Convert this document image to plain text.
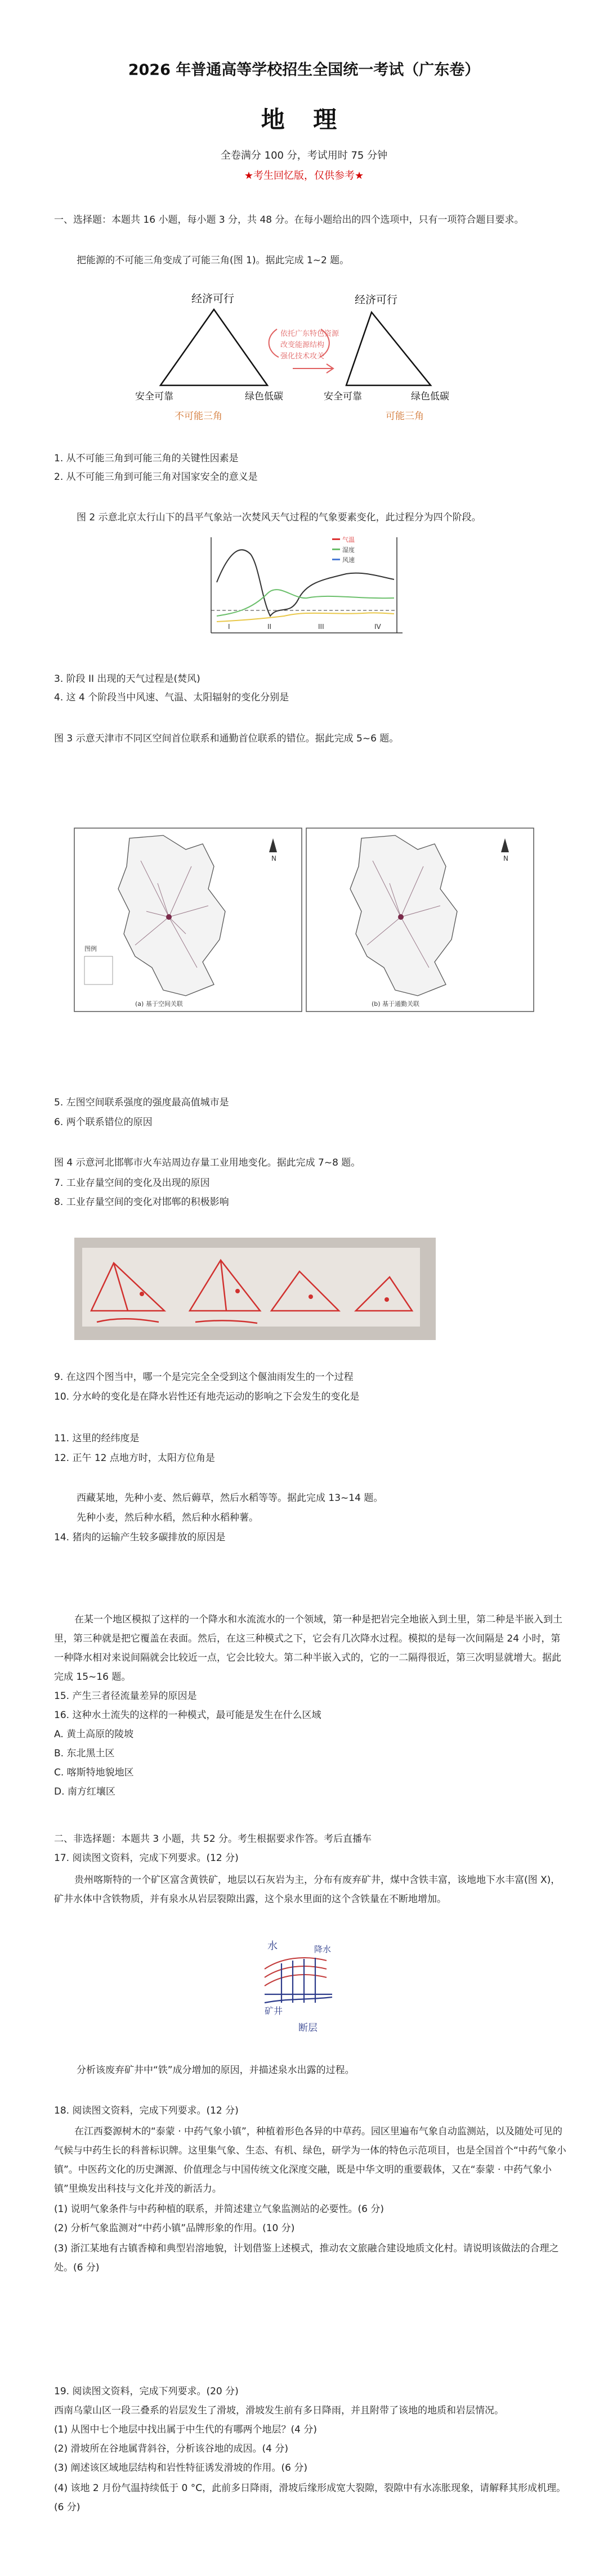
2026 年普通高等学校招生全国统一考试（广东卷）
地 理
全卷满分 100 分，考试用时 75 分钟
★考生回忆版，仅供参考★
一、选择题：本题共 16 小题，每小题 3 分，共 48 分。在每小题给出的四个选项中，只有一项符合题目要求。
把能源的不可能三角变成了可能三角(图 1)。据此完成 1~2 题。
经济可行
安全可靠	绿色低碳
不可能三角
依托广东特色资源
改变能源结构
强化技术攻关
经济可行
安全可靠	绿色低碳
可能三角
1. 从不可能三角到可能三角的关键性因素是
2. 从不可能三角到可能三角对国家安全的意义是
图 2 示意北京太行山下的昌平气象站一次焚风天气过程的气象要素变化，此过程分为四个阶段。
气温
湿度
风速
I	II	III	IV
3. 阶段 II 出现的天气过程是(焚风)
4. 这 4 个阶段当中风速、气温、太阳辐射的变化分别是
图 3 示意天津市不同区空间首位联系和通勤首位联系的错位。据此完成 5~6 题。
N	N
图例
(a) 基于空间关联	(b) 基于通勤关联
5. 左图空间联系强度的强度最高值城市是
6. 两个联系错位的原因
图 4 示意河北邯郸市火车站周边存量工业用地变化。据此完成 7~8 题。
7. 工业存量空间的变化及出现的原因
8. 工业存量空间的变化对邯郸的积极影响
9. 在这四个图当中，哪一个是完完全全受到这个偃油雨发生的一个过程
10. 分水岭的变化是在降水岩性还有地壳运动的影响之下会发生的变化是
11. 这里的经纬度是
12. 正午 12 点地方时，太阳方位角是
西藏某地，先种小麦、然后薅草，然后水稻等等。据此完成 13~14 题。
先种小麦，然后种水稻，然后种水稻种薯。
14. 猪肉的运输产生较多碳排放的原因是
在某一个地区模拟了这样的一个降水和水流流水的一个领域，第一种是把岩完全地嵌入到土里，第二种是半嵌入到土里，第三种就是把它覆盖在表面。然后，在这三种模式之下，它会有几次降水过程。模拟的是每一次间隔是 24 小时，第一种降水相对来说间隔就会比较近一点，它会比较大。第二种半嵌入式的，它的一二隔得很近，第三次明显就增大。据此完成 15~16 题。
15. 产生三者径流量差异的原因是
16. 这种水土流失的这样的一种模式，最可能是发生在什么区域
A. 黄土高原的陵坡
B. 东北黑土区
C. 喀斯特地貌地区
D. 南方红壤区
二、非选择题：本题共 3 小题，共 52 分。考生根据要求作答。考后直播车
17. 阅读图文资料，完成下列要求。(12 分)
贵州喀斯特的一个矿区富含黄铁矿，地层以石灰岩为主，分布有废弃矿井，煤中含铁丰富，该地地下水丰富(图 X)，矿井水体中含铁物质，并有泉水从岩层裂隙出露，这个泉水里面的这个含铁量在不断地增加。
水	降水
矿井
断层
分析该废弃矿井中“铁”成分增加的原因，并描述泉水出露的过程。
18. 阅读图文资料，完成下列要求。(12 分)
在江西婺源树木的“泰蒙 · 中药气象小镇”，种植着形色各异的中草药。园区里遍布气象自动监测站，以及随处可见的气候与中药生长的科普标识牌。这里集气象、生态、有机、绿色，研学为一体的特色示范项目，也是全国首个“中药气象小镇”。中医药文化的历史渊源、价值理念与中国传统文化深度交融，既是中华文明的重要载体，又在“泰蒙 · 中药气象小镇”里焕发出科技与文化并茂的新活力。
(1) 说明气象条件与中药种植的联系，并简述建立气象监测站的必要性。(6 分)
(2) 分析气象监测对“中药小镇”品牌形象的作用。(10 分)
(3) 浙江某地有古镇香樟和典型岩溶地貌，计划借鉴上述模式，推动农文旅融合建设地质文化村。请说明该做法的合理之处。(6 分)
19. 阅读图文资料，完成下列要求。(20 分)
西南乌蒙山区一段三叠系的岩层发生了滑坡，滑坡发生前有多日降雨，并且附带了该地的地质和岩层情况。
(1) 从图中七个地层中找出属于中生代的有哪两个地层？(4 分)
(2) 滑坡所在谷地属背斜谷，分析该谷地的成因。(4 分)
(3) 阐述该区域地层结构和岩性特征诱发滑坡的作用。(6 分)
(4) 该地 2 月份气温持续低于 0 °C，此前多日降雨，滑坡后缘形成宽大裂隙，裂隙中有水冻胀现象，请解释其形成机理。(6 分)
